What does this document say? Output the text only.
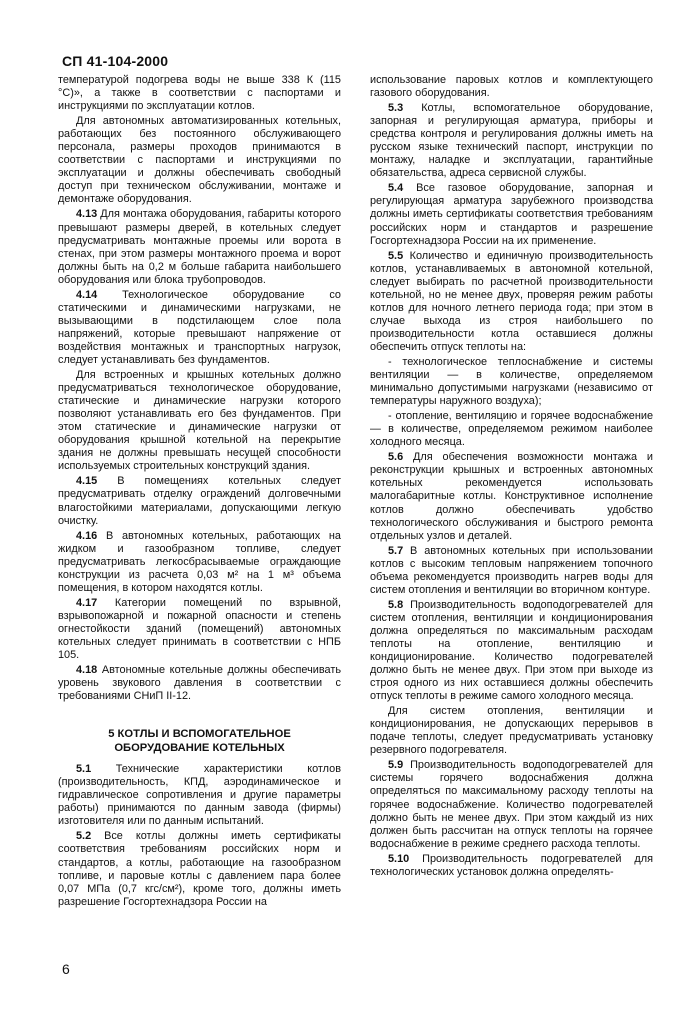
СП 41-104-2000

температурой подогрева воды не выше 338 К (115 °С)», а также в соответствии с паспортами и инструкциями по эксплуатации котлов.

Для автономных автоматизированных котельных, работающих без постоянного обслуживающего персонала, размеры проходов принимаются в соответствии с паспортами и инструкциями по эксплуатации и должны обеспечивать свободный доступ при техническом обслуживании, монтаже и демонтаже оборудования.

4.13 Для монтажа оборудования, габариты которого превышают размеры дверей, в котельных следует предусматривать монтажные проемы или ворота в стенах, при этом размеры монтажного проема и ворот должны быть на 0,2 м больше габарита наибольшего оборудования или блока трубопроводов.

4.14 Технологическое оборудование со статическими и динамическими нагрузками, не вызывающими в подстилающем слое пола напряжений, которые превышают напряжение от воздействия монтажных и транспортных нагрузок, следует устанавливать без фундаментов.

Для встроенных и крышных котельных должно предусматриваться технологическое оборудование, статические и динамические нагрузки которого позволяют устанавливать его без фундаментов. При этом статические и динамические нагрузки от оборудования крышной котельной на перекрытие здания не должны превышать несущей способности используемых строительных конструкций здания.

4.15 В помещениях котельных следует предусматривать отделку ограждений долговечными влагостойкими материалами, допускающими легкую очистку.

4.16 В автономных котельных, работающих на жидком и газообразном топливе, следует предусматривать легкосбрасываемые ограждающие конструкции из расчета 0,03 м² на 1 м³ объема помещения, в котором находятся котлы.

4.17 Категории помещений по взрывной, взрывопожарной и пожарной опасности и степень огнестойкости зданий (помещений) автономных котельных следует принимать в соответствии с НПБ 105.

4.18 Автономные котельные должны обеспечивать уровень звукового давления в соответствии с требованиями СНиП II-12.

5 КОТЛЫ И ВСПОМОГАТЕЛЬНОЕ
ОБОРУДОВАНИЕ КОТЕЛЬНЫХ

5.1 Технические характеристики котлов (производительность, КПД, аэродинамическое и гидравлическое сопротивления и другие параметры работы) принимаются по данным завода (фирмы) изготовителя или по данным испытаний.

5.2 Все котлы должны иметь сертификаты соответствия требованиям российских норм и стандартов, а котлы, работающие на газообразном топливе, и паровые котлы с давлением пара более 0,07 МПа (0,7 кгс/см²), кроме того, должны иметь разрешение Госгортехнадзора России на

использование паровых котлов и комплектующего газового оборудования.

5.3 Котлы, вспомогательное оборудование, запорная и регулирующая арматура, приборы и средства контроля и регулирования должны иметь на русском языке технический паспорт, инструкции по монтажу, наладке и эксплуатации, гарантийные обязательства, адреса сервисной службы.

5.4 Все газовое оборудование, запорная и регулирующая арматура зарубежного производства должны иметь сертификаты соответствия требованиям российских норм и стандартов и разрешение Госгортехнадзора России на их применение.

5.5 Количество и единичную производительность котлов, устанавливаемых в автономной котельной, следует выбирать по расчетной производительности котельной, но не менее двух, проверяя режим работы котлов для ночного летнего периода года; при этом в случае выхода из строя наибольшего по производительности котла оставшиеся должны обеспечить отпуск теплоты на:

- технологическое теплоснабжение и системы вентиляции — в количестве, определяемом минимально допустимыми нагрузками (независимо от температуры наружного воздуха);

- отопление, вентиляцию и горячее водоснабжение — в количестве, определяемом режимом наиболее холодного месяца.

5.6 Для обеспечения возможности монтажа и реконструкции крышных и встроенных автономных котельных рекомендуется использовать малогабаритные котлы. Конструктивное исполнение котлов должно обеспечивать удобство технологического обслуживания и быстрого ремонта отдельных узлов и деталей.

5.7 В автономных котельных при использовании котлов с высоким тепловым напряжением топочного объема рекомендуется производить нагрев воды для систем отопления и вентиляции во вторичном контуре.

5.8 Производительность водоподогревателей для систем отопления, вентиляции и кондиционирования должна определяться по максимальным расходам теплоты на отопление, вентиляцию и кондиционирование. Количество подогревателей должно быть не менее двух. При этом при выходе из строя одного из них оставшиеся должны обеспечить отпуск теплоты в режиме самого холодного месяца.

Для систем отопления, вентиляции и кондиционирования, не допускающих перерывов в подаче теплоты, следует предусматривать установку резервного подогревателя.

5.9 Производительность водоподогревателей для системы горячего водоснабжения должна определяться по максимальному расходу теплоты на горячее водоснабжение. Количество подогревателей должно быть не менее двух. При этом каждый из них должен быть рассчитан на отпуск теплоты на горячее водоснабжение в режиме среднего расхода теплоты.

5.10 Производительность подогревателей для технологических установок должна определять-

6
